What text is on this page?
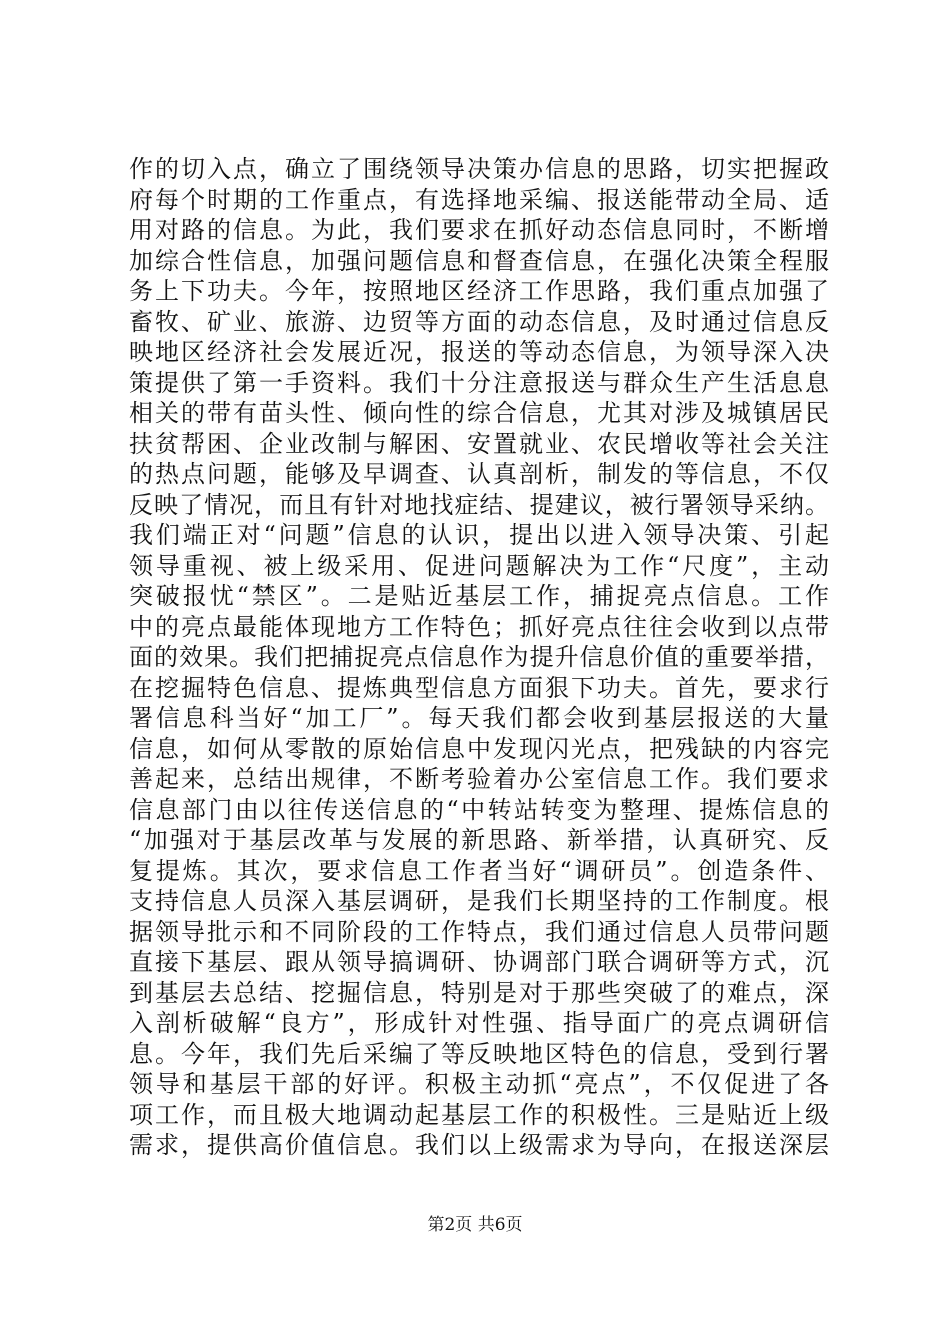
作的切入点，确立了围绕领导决策办信息的思路，切实把握政
府每个时期的工作重点，有选择地采编、报送能带动全局、适
用对路的信息。为此，我们要求在抓好动态信息同时，不断增
加综合性信息，加强问题信息和督查信息，在强化决策全程服
务上下功夫。今年，按照地区经济工作思路，我们重点加强了
畜牧、矿业、旅游、边贸等方面的动态信息，及时通过信息反
映地区经济社会发展近况，报送的等动态信息，为领导深入决
策提供了第一手资料。我们十分注意报送与群众生产生活息息
相关的带有苗头性、倾向性的综合信息，尤其对涉及城镇居民
扶贫帮困、企业改制与解困、安置就业、农民增收等社会关注
的热点问题，能够及早调查、认真剖析，制发的等信息，不仅
反映了情况，而且有针对地找症结、提建议，被行署领导采纳。
我们端正对“问题”信息的认识，提出以进入领导决策、引起
领导重视、被上级采用、促进问题解决为工作“尺度”，主动
突破报忧“禁区”。二是贴近基层工作，捕捉亮点信息。工作
中的亮点最能体现地方工作特色；抓好亮点往往会收到以点带
面的效果。我们把捕捉亮点信息作为提升信息价值的重要举措，
在挖掘特色信息、提炼典型信息方面狠下功夫。首先，要求行
署信息科当好“加工厂”。每天我们都会收到基层报送的大量
信息，如何从零散的原始信息中发现闪光点，把残缺的内容完
善起来，总结出规律，不断考验着办公室信息工作。我们要求
信息部门由以往传送信息的“中转站转变为整理、提炼信息的
“加强对于基层改革与发展的新思路、新举措，认真研究、反
复提炼。其次，要求信息工作者当好“调研员”。创造条件、
支持信息人员深入基层调研，是我们长期坚持的工作制度。根
据领导批示和不同阶段的工作特点，我们通过信息人员带问题
直接下基层、跟从领导搞调研、协调部门联合调研等方式，沉
到基层去总结、挖掘信息，特别是对于那些突破了的难点，深
入剖析破解“良方”，形成针对性强、指导面广的亮点调研信
息。今年，我们先后采编了等反映地区特色的信息，受到行署
领导和基层干部的好评。积极主动抓“亮点”，不仅促进了各
项工作，而且极大地调动起基层工作的积极性。三是贴近上级
需求，提供高价值信息。我们以上级需求为导向，在报送深层
第2页 共6页
